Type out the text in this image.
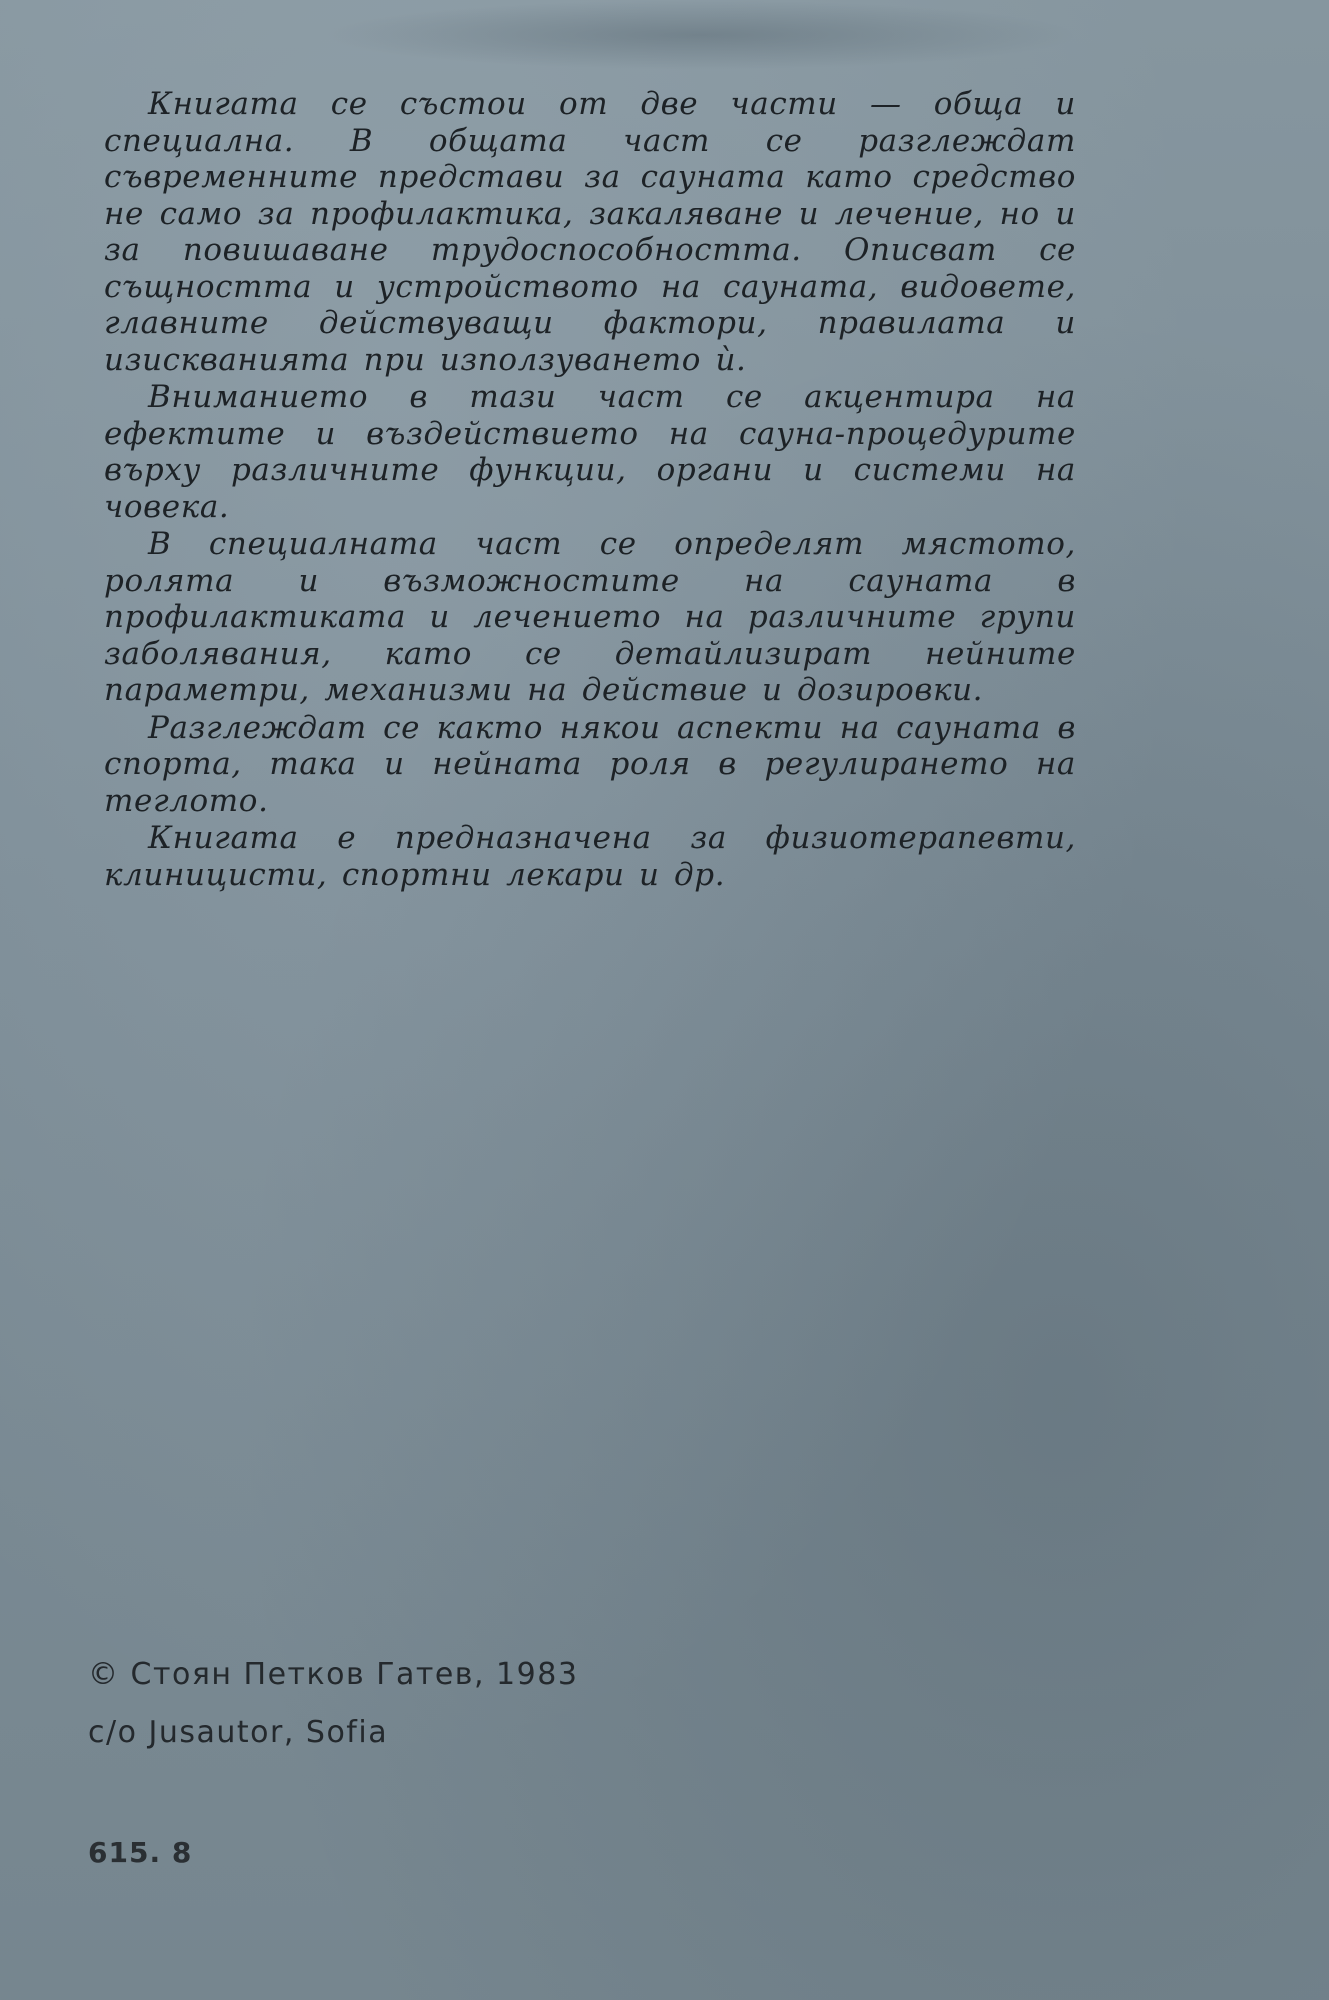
Книгата се състои от две части — обща и специална. В общата част се разглеждат съвременните представи за сауната като средство не само за профилактика, закаляване и лечение, но и за повишаване трудоспособността. Описват се същността и устройството на сауната, видовете, главните действуващи фактори, правилата и изискванията при използуването ѝ.

Вниманието в тази част се акцентира на ефектите и въздействието на сауна-процедурите върху различните функции, органи и системи на човека.

В специалната част се определят мястото, ролята и възможностите на сауната в профилактиката и лечението на различните групи заболявания, като се детайлизират нейните параметри, механизми на действие и дозировки.

Разглеждат се както някои аспекти на сауната в спорта, така и нейната роля в регулирането на теглото.

Книгата е предназначена за физиотерапевти, клиницисти, спортни лекари и др.

© Стоян Петков Гатев, 1983
c/o Jusautor, Sofia
615. 8
